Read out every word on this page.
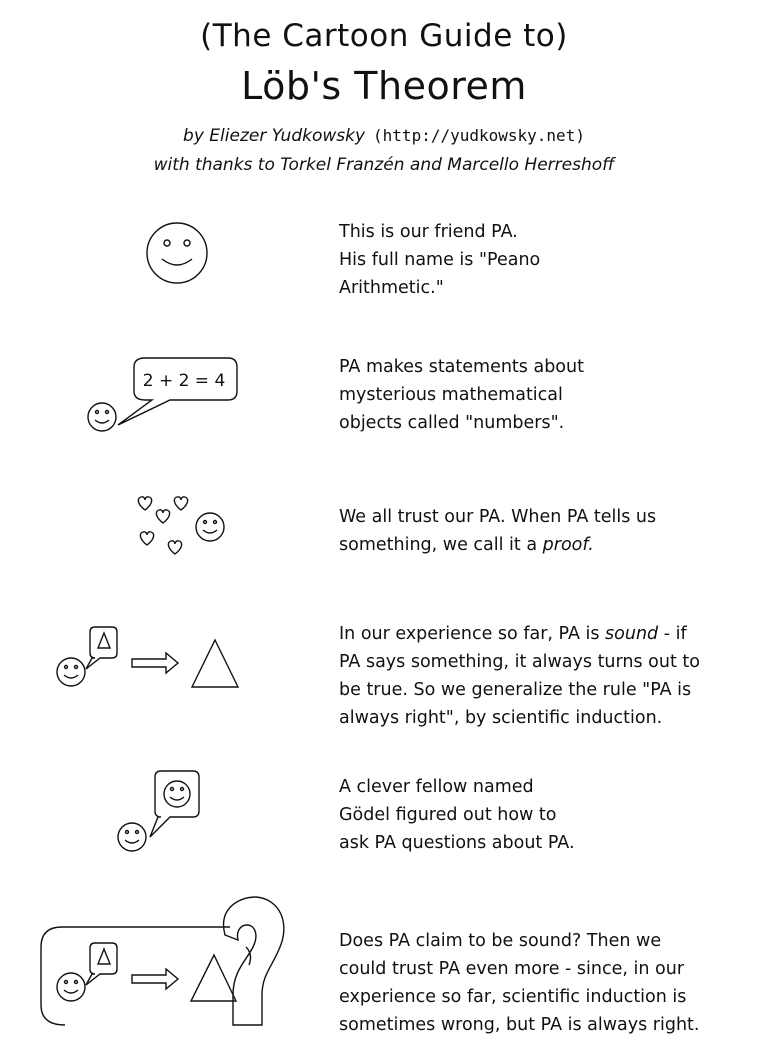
(The Cartoon Guide to)
Löb's Theorem
by Eliezer Yudkowsky (http://yudkowsky.net)
with thanks to Torkel Franzén and Marcello Herreshoff

This is our friend PA.

His full name is "Peano

Arithmetic."

2 + 2 = 4

PA makes statements about

mysterious mathematical

objects called "numbers".

We all trust our PA. When PA tells us

something, we call it a proof.

In our experience so far, PA is sound - if

PA says something, it always turns out to

be true. So we generalize the rule "PA is

always right", by scientific induction.

A clever fellow named

Gödel figured out how to

ask PA questions about PA.

Does PA claim to be sound? Then we

could trust PA even more - since, in our

experience so far, scientific induction is

sometimes wrong, but PA is always right.
